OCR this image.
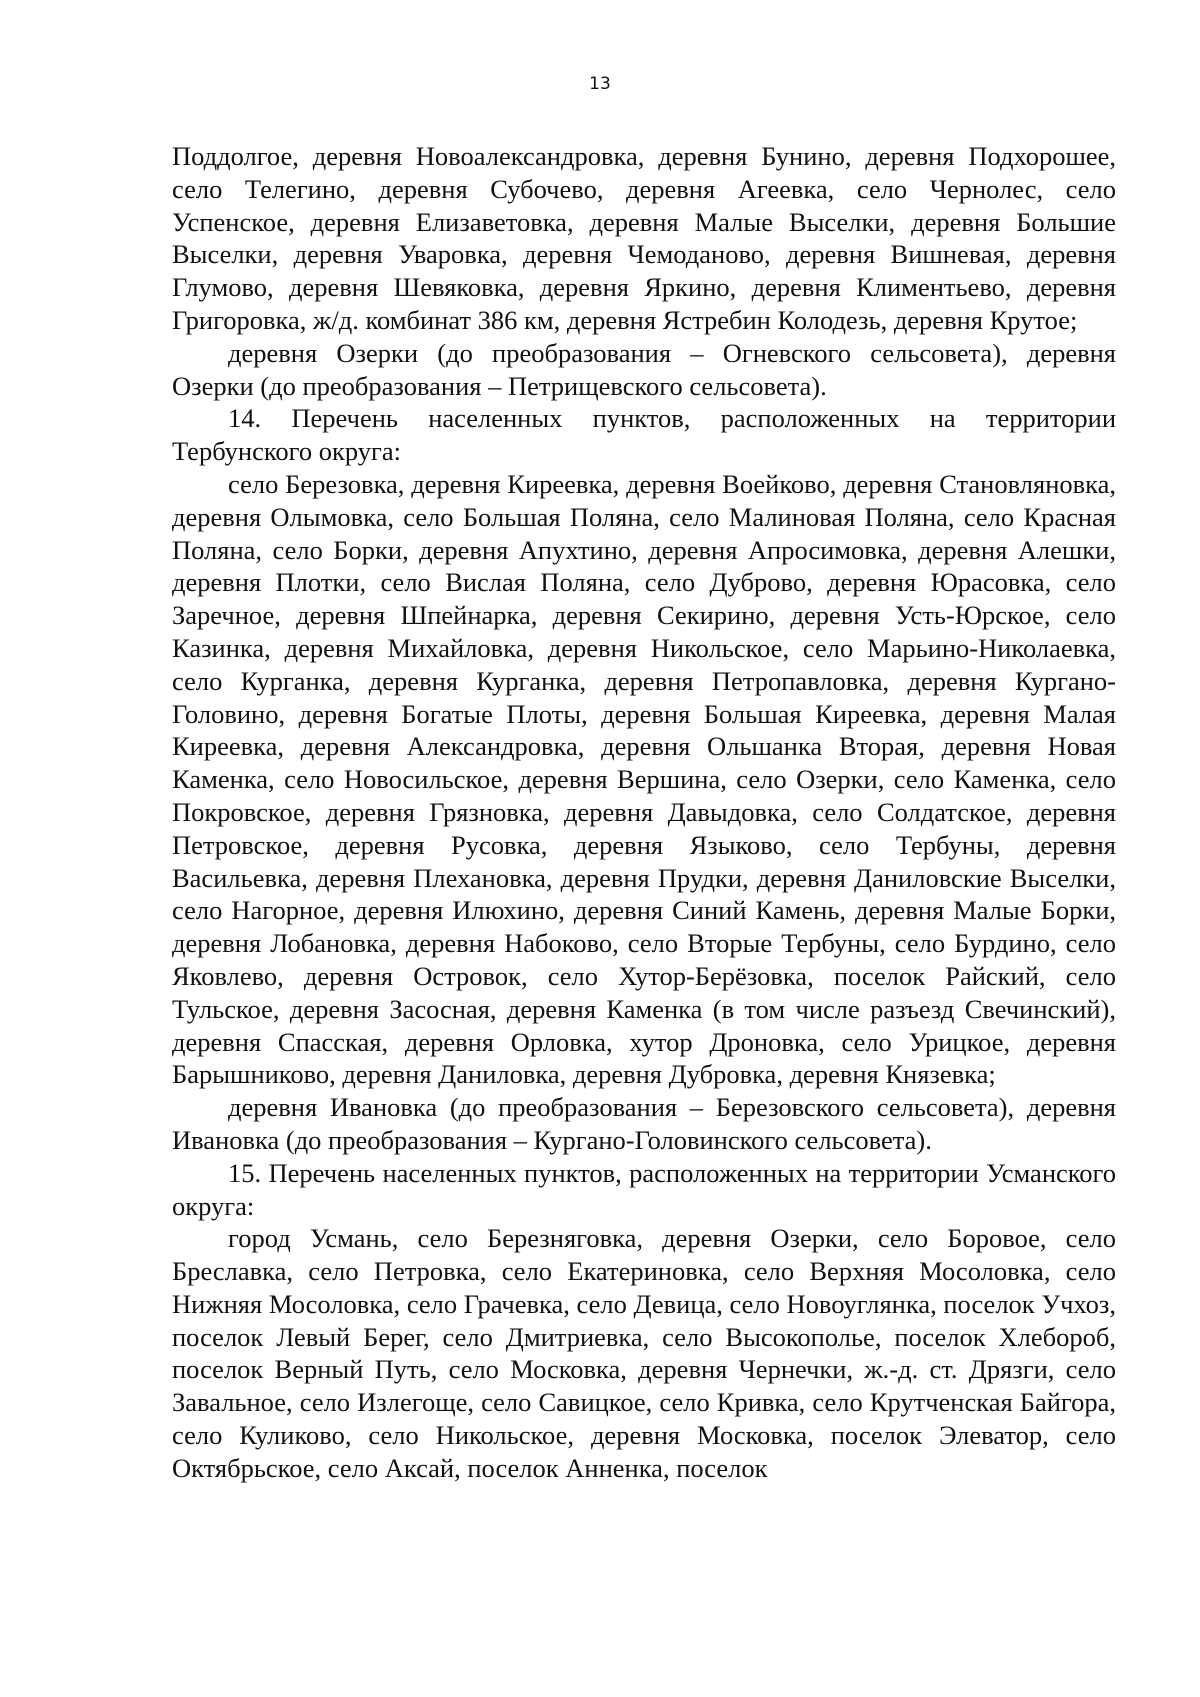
13

Поддолгое, деревня Новоалександровка, деревня Бунино, деревня Подхорошее, село Телегино, деревня Субочево, деревня Агеевка, село Чернолес, село Успенское, деревня Елизаветовка, деревня Малые Выселки, деревня Большие Выселки, деревня Уваровка, деревня Чемоданово, деревня Вишневая, деревня Глумово, деревня Шевяковка, деревня Яркино, деревня Климентьево, деревня Григоровка, ж/д. комбинат 386 км, деревня Ястребин Колодезь, деревня Крутое;

деревня Озерки (до преобразования – Огневского сельсовета), деревня Озерки (до преобразования – Петрищевского сельсовета).

14. Перечень населенных пунктов, расположенных на территории Тербунского округа:

село Березовка, деревня Киреевка, деревня Воейково, деревня Становляновка, деревня Олымовка, село Большая Поляна, село Малиновая Поляна, село Красная Поляна, село Борки, деревня Апухтино, деревня Апросимовка, деревня Алешки, деревня Плотки, село Вислая Поляна, село Дуброво, деревня Юрасовка, село Заречное, деревня Шпейнарка, деревня Секирино, деревня Усть-Юрское, село Казинка, деревня Михайловка, деревня Никольское, село Марьино-Николаевка, село Курганка, деревня Курганка, деревня Петропавловка, деревня Кургано-Головино, деревня Богатые Плоты, деревня Большая Киреевка, деревня Малая Киреевка, деревня Александровка, деревня Ольшанка Вторая, деревня Новая Каменка, село Новосильское, деревня Вершина, село Озерки, село Каменка, село Покровское, деревня Грязновка, деревня Давыдовка, село Солдатское, деревня Петровское, деревня Русовка, деревня Языково, село Тербуны, деревня Васильевка, деревня Плехановка, деревня Прудки, деревня Даниловские Выселки, село Нагорное, деревня Илюхино, деревня Синий Камень, деревня Малые Борки, деревня Лобановка, деревня Набоково, село Вторые Тербуны, село Бурдино, село Яковлево, деревня Островок, село Хутор-Берёзовка, поселок Райский, село Тульское, деревня Засосная, деревня Каменка (в том числе разъезд Свечинский), деревня Спасская, деревня Орловка, хутор Дроновка, село Урицкое, деревня Барышниково, деревня Даниловка, деревня Дубровка, деревня Князевка;

деревня Ивановка (до преобразования – Березовского сельсовета), деревня Ивановка (до преобразования – Кургано-Головинского сельсовета).

15. Перечень населенных пунктов, расположенных на территории Усманского округа:

город Усмань, село Березняговка, деревня Озерки, село Боровое, село Бреславка, село Петровка, село Екатериновка, село Верхняя Мосоловка, село Нижняя Мосоловка, село Грачевка, село Девица, село Новоуглянка, поселок Учхоз, поселок Левый Берег, село Дмитриевка, село Высокополье, поселок Хлебороб, поселок Верный Путь, село Московка, деревня Чернечки, ж.-д. ст. Дрязги, село Завальное, село Излегоще, село Савицкое, село Кривка, село Крутченская Байгора, село Куликово, село Никольское, деревня Московка, поселок Элеватор, село Октябрьское, село Аксай, поселок Анненка, поселок
